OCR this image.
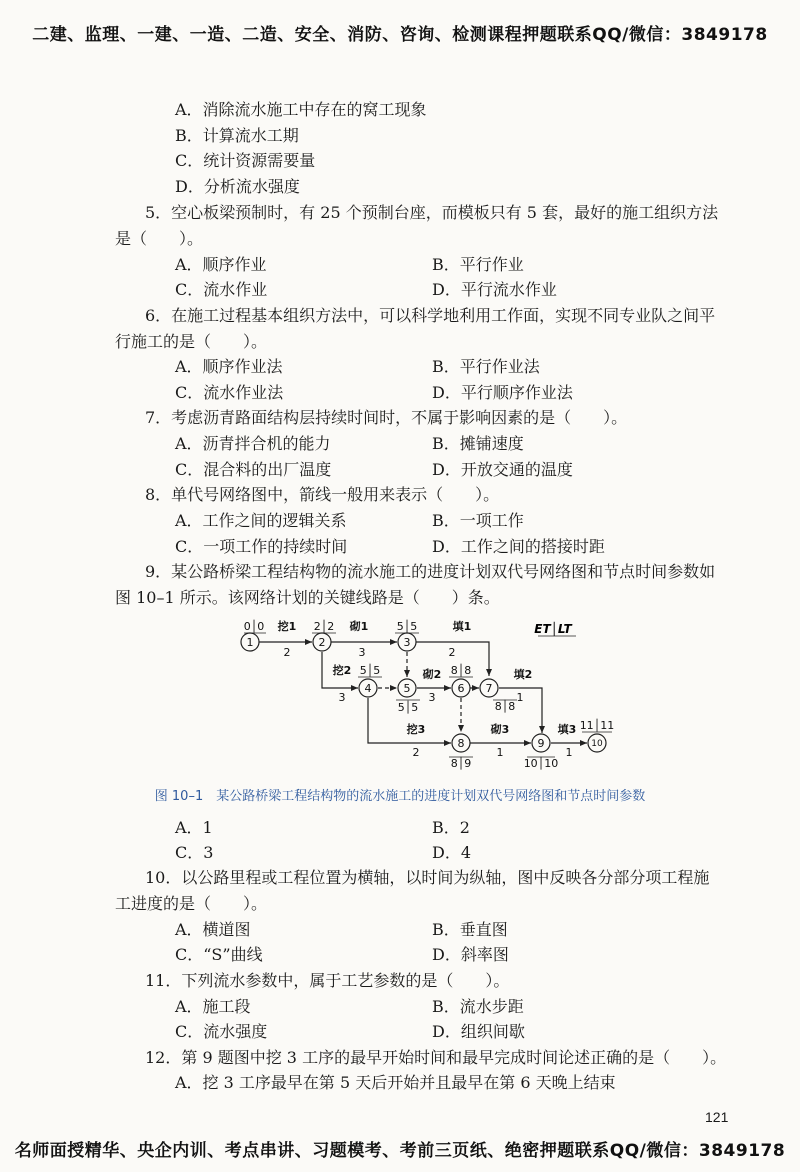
二建、监理、一建、一造、二造、安全、消防、咨询、检测课程押题联系QQ/微信：3849178
A．消除流水施工中存在的窝工现象
B．计算流水工期
C．统计资源需要量
D．分析流水强度
5．空心板梁预制时，有 25 个预制台座，而模板只有 5 套，最好的施工组织方法
是（　　）。
A．顺序作业	B．平行作业
C．流水作业	D．平行流水作业
6．在施工过程基本组织方法中，可以科学地利用工作面，实现不同专业队之间平
行施工的是（　　）。
A．顺序作业法	B．平行作业法
C．流水作业法	D．平行顺序作业法
7．考虑沥青路面结构层持续时间时，不属于影响因素的是（　　）。
A．沥青拌合机的能力	B．摊铺速度
C．混合料的出厂温度	D．开放交通的温度
8．单代号网络图中，箭线一般用来表示（　　）。
A．工作之间的逻辑关系	B．一项工作
C．一项工作的持续时间	D．工作之间的搭接时距
9．某公路桥梁工程结构物的流水施工的进度计划双代号网络图和节点时间参数如
图 10–1 所示。该网络计划的关键线路是（　　）条。
1	2	3
4	5	6 7
8	9	10
0│0	2│2	5│5
5│5
5│5
8│8
8│8
8│9	10│10
11│11
挖1	砌1	填1
挖2	砌2	填2
挖3	砌3	填3
2	3	2
3	3	1
2	1	1
ET│LT
图 10–1　某公路桥梁工程结构物的流水施工的进度计划双代号网络图和节点时间参数
A．1	B．2
C．3	D．4
10．以公路里程或工程位置为横轴，以时间为纵轴，图中反映各分部分项工程施
工进度的是（　　）。
A．横道图	B．垂直图
C．“S”曲线	D．斜率图
11．下列流水参数中，属于工艺参数的是（　　）。
A．施工段	B．流水步距
C．流水强度	D．组织间歇
12．第 9 题图中挖 3 工序的最早开始时间和最早完成时间论述正确的是（　　）。
A．挖 3 工序最早在第 5 天后开始并且最早在第 6 天晚上结束
121
名师面授精华、央企内训、考点串讲、习题模考、考前三页纸、绝密押题联系QQ/微信：3849178
